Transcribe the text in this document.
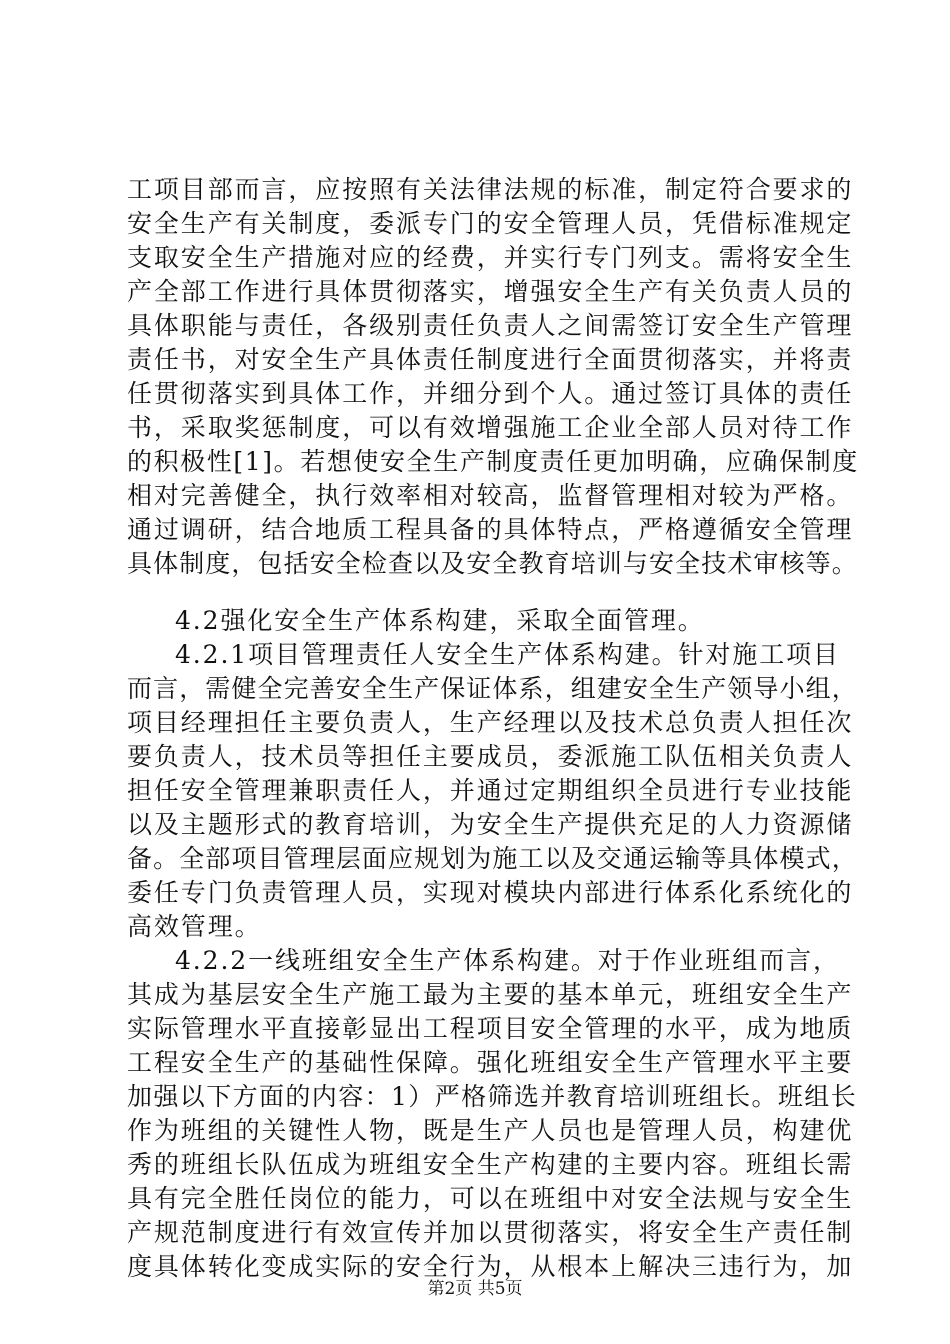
工项目部而言，应按照有关法律法规的标准，制定符合要求的
安全生产有关制度，委派专门的安全管理人员，凭借标准规定
支取安全生产措施对应的经费，并实行专门列支。需将安全生
产全部工作进行具体贯彻落实，增强安全生产有关负责人员的
具体职能与责任，各级别责任负责人之间需签订安全生产管理
责任书，对安全生产具体责任制度进行全面贯彻落实，并将责
任贯彻落实到具体工作，并细分到个人。通过签订具体的责任
书，采取奖惩制度，可以有效增强施工企业全部人员对待工作
的积极性[1]。若想使安全生产制度责任更加明确，应确保制度
相对完善健全，执行效率相对较高，监督管理相对较为严格。
通过调研，结合地质工程具备的具体特点，严格遵循安全管理
具体制度，包括安全检查以及安全教育培训与安全技术审核等。
4.2强化安全生产体系构建，采取全面管理。
4.2.1项目管理责任人安全生产体系构建。针对施工项目
而言，需健全完善安全生产保证体系，组建安全生产领导小组，
项目经理担任主要负责人，生产经理以及技术总负责人担任次
要负责人，技术员等担任主要成员，委派施工队伍相关负责人
担任安全管理兼职责任人，并通过定期组织全员进行专业技能
以及主题形式的教育培训，为安全生产提供充足的人力资源储
备。全部项目管理层面应规划为施工以及交通运输等具体模式，
委任专门负责管理人员，实现对模块内部进行体系化系统化的
高效管理。
4.2.2一线班组安全生产体系构建。对于作业班组而言，
其成为基层安全生产施工最为主要的基本单元，班组安全生产
实际管理水平直接彰显出工程项目安全管理的水平，成为地质
工程安全生产的基础性保障。强化班组安全生产管理水平主要
加强以下方面的内容：1）严格筛选并教育培训班组长。班组长
作为班组的关键性人物，既是生产人员也是管理人员，构建优
秀的班组长队伍成为班组安全生产构建的主要内容。班组长需
具有完全胜任岗位的能力，可以在班组中对安全法规与安全生
产规范制度进行有效宣传并加以贯彻落实，将安全生产责任制
度具体转化变成实际的安全行为，从根本上解决三违行为，加
第2页 共5页
